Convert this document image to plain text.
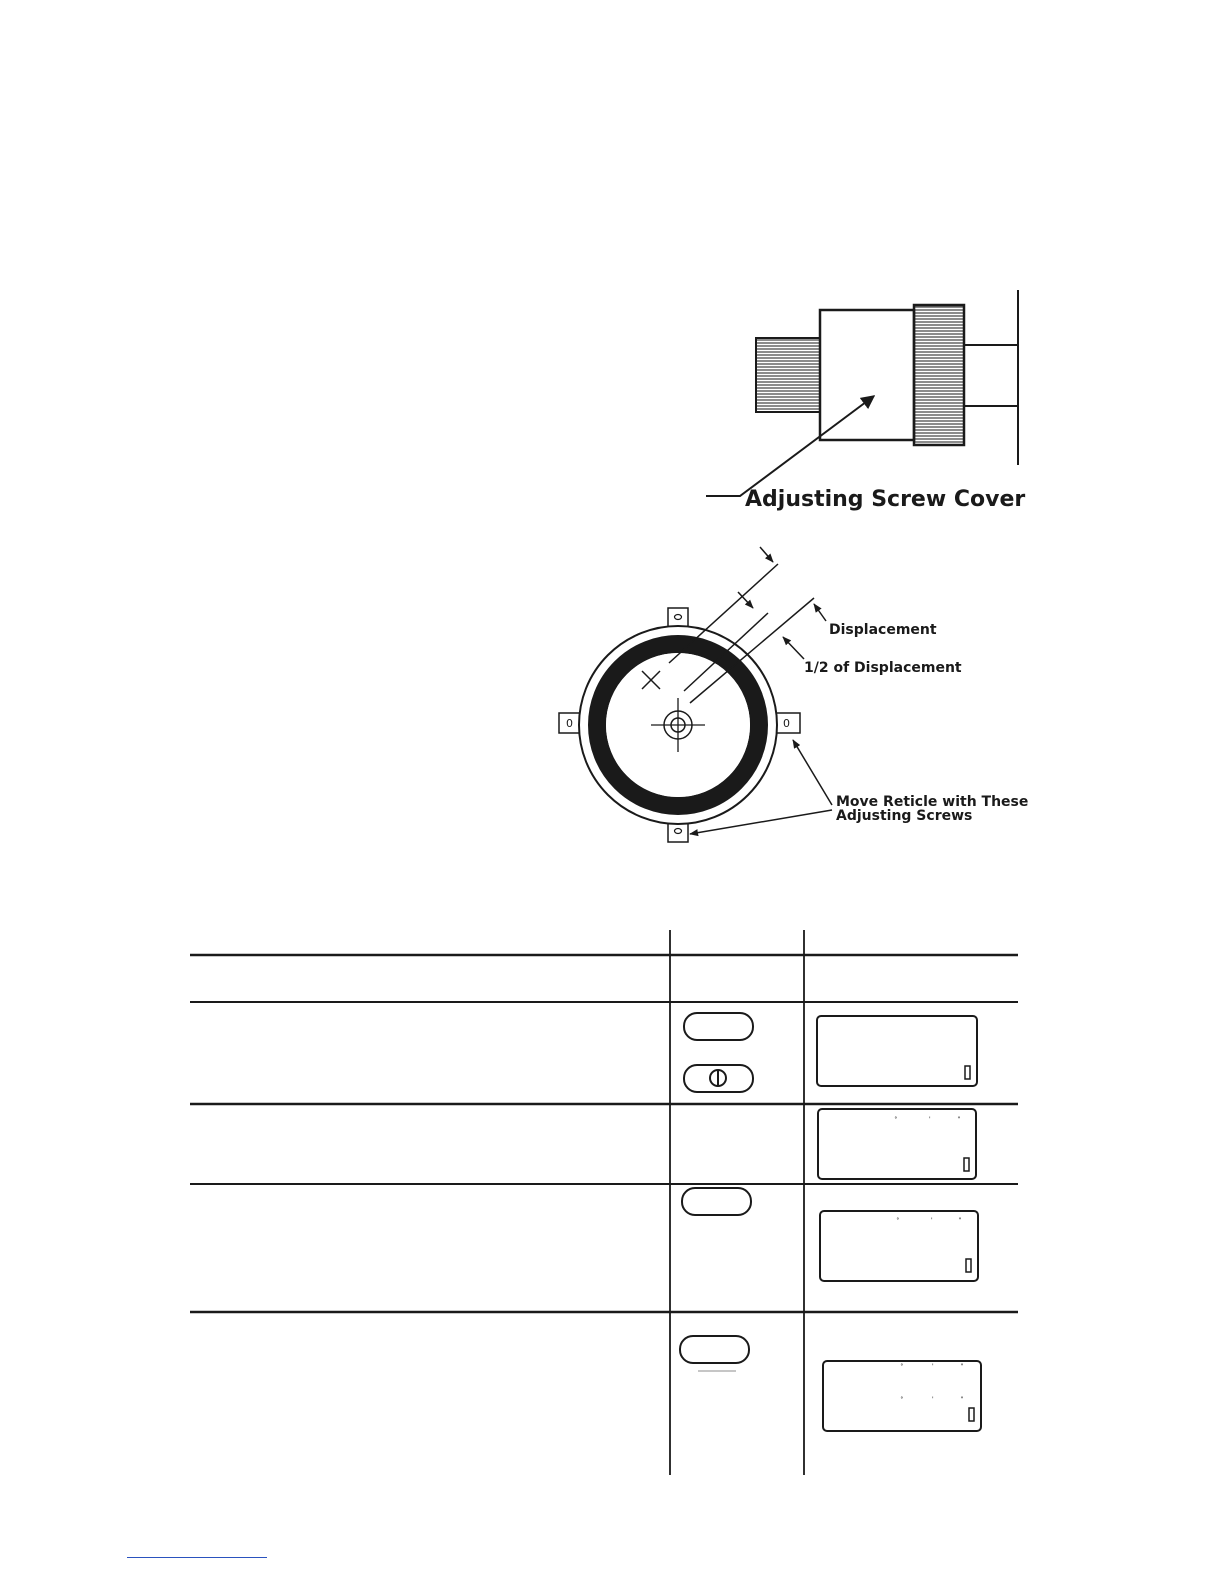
Adjusting Screw Cover
0	0
Displacement
1/2 of Displacement
Move Reticle with These
Adjusting Screws
°	'	"
°	'	"
°	'	"
°	'	"
